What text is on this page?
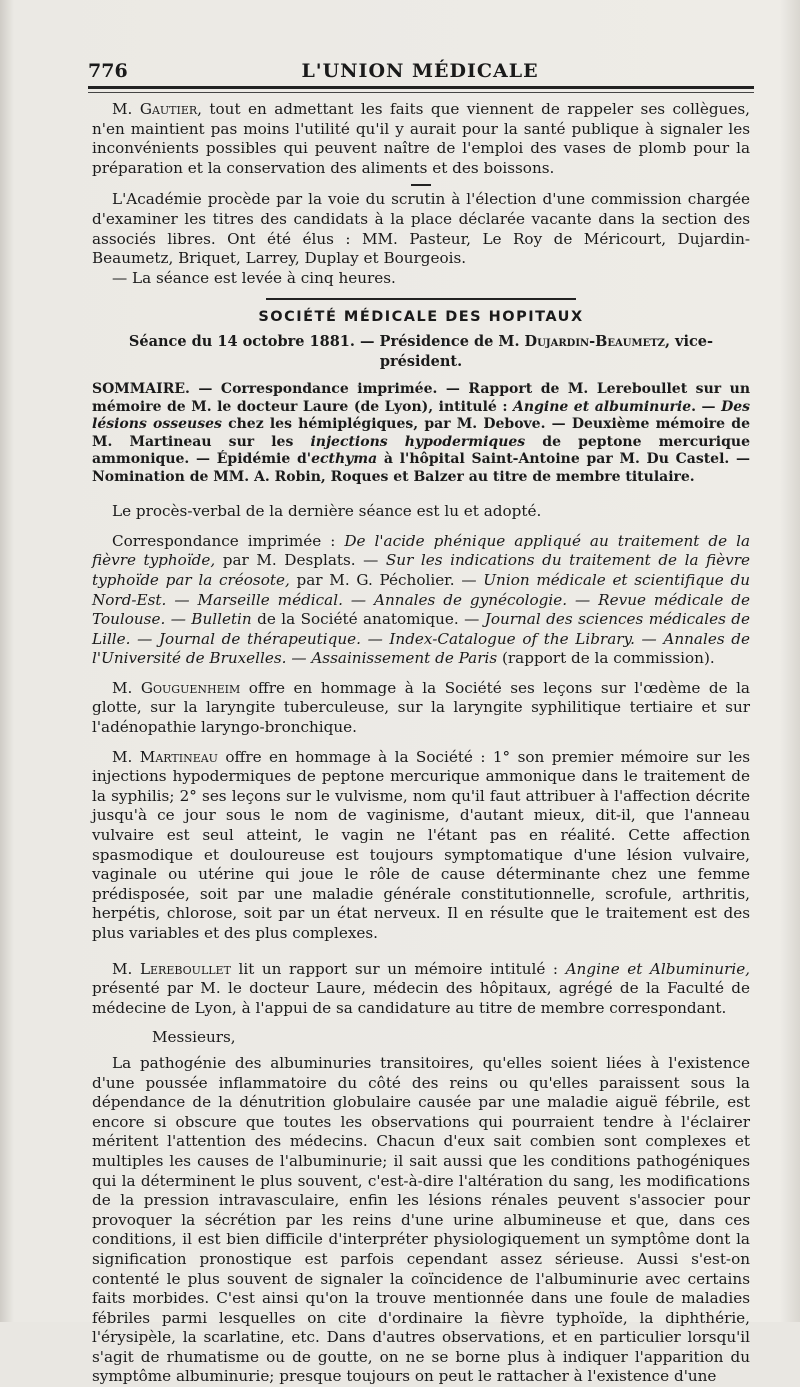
776	L'UNION MÉDICALE

M. Gautier, tout en admettant les faits que viennent de rappeler ses collègues, n'en maintient pas moins l'utilité qu'il y aurait pour la santé publique à signaler les inconvénients possibles qui peuvent naître de l'emploi des vases de plomb pour la préparation et la conservation des aliments et des boissons.

L'Académie procède par la voie du scrutin à l'élection d'une commission chargée d'examiner les titres des candidats à la place déclarée vacante dans la section des associés libres. Ont été élus : MM. Pasteur, Le Roy de Méricourt, Dujardin-Beaumetz, Briquet, Larrey, Duplay et Bourgeois.

— La séance est levée à cinq heures.

SOCIÉTÉ MÉDICALE DES HOPITAUX
Séance du 14 octobre 1881. — Présidence de M. Dujardin-Beaumetz, vice-président.

SOMMAIRE. — Correspondance imprimée. — Rapport de M. Lereboullet sur un mémoire de M. le docteur Laure (de Lyon), intitulé : Angine et albuminurie. — Des lésions osseuses chez les hémiplégiques, par M. Debove. — Deuxième mémoire de M. Martineau sur les injections hypodermiques de peptone mercurique ammonique. — Épidémie d'ecthyma à l'hôpital Saint-Antoine par M. Du Castel. — Nomination de MM. A. Robin, Roques et Balzer au titre de membre titulaire.

Le procès-verbal de la dernière séance est lu et adopté.

Correspondance imprimée : De l'acide phénique appliqué au traitement de la fièvre typhoïde, par M. Desplats. — Sur les indications du traitement de la fièvre typhoïde par la créosote, par M. G. Pécholier. — Union médicale et scientifique du Nord-Est. — Marseille médical. — Annales de gynécologie. — Revue médicale de Toulouse. — Bulletin de la Société anatomique. — Journal des sciences médicales de Lille. — Journal de thérapeutique. — Index-Catalogue of the Library. — Annales de l'Université de Bruxelles. — Assainissement de Paris (rapport de la commission).

M. Gouguenheim offre en hommage à la Société ses leçons sur l'œdème de la glotte, sur la laryngite tuberculeuse, sur la laryngite syphilitique tertiaire et sur l'adénopathie laryngo-bronchique.

M. Martineau offre en hommage à la Société : 1° son premier mémoire sur les injections hypodermiques de peptone mercurique ammonique dans le traitement de la syphilis; 2° ses leçons sur le vulvisme, nom qu'il faut attribuer à l'affection décrite jusqu'à ce jour sous le nom de vaginisme, d'autant mieux, dit-il, que l'anneau vulvaire est seul atteint, le vagin ne l'étant pas en réalité. Cette affection spasmodique et douloureuse est toujours symptomatique d'une lésion vulvaire, vaginale ou utérine qui joue le rôle de cause déterminante chez une femme prédisposée, soit par une maladie générale constitutionnelle, scrofule, arthritis, herpétis, chlorose, soit par un état nerveux. Il en résulte que le traitement est des plus variables et des plus complexes.

M. Lereboullet lit un rapport sur un mémoire intitulé : Angine et Albuminurie, présenté par M. le docteur Laure, médecin des hôpitaux, agrégé de la Faculté de médecine de Lyon, à l'appui de sa candidature au titre de membre correspondant.

Messieurs,

La pathogénie des albuminuries transitoires, qu'elles soient liées à l'existence d'une poussée inflammatoire du côté des reins ou qu'elles paraissent sous la dépendance de la dénutrition globulaire causée par une maladie aiguë fébrile, est encore si obscure que toutes les observations qui pourraient tendre à l'éclairer méritent l'attention des médecins. Chacun d'eux sait combien sont complexes et multiples les causes de l'albuminurie; il sait aussi que les conditions pathogéniques qui la déterminent le plus souvent, c'est-à-dire l'altération du sang, les modifications de la pression intravasculaire, enfin les lésions rénales peuvent s'associer pour provoquer la sécrétion par les reins d'une urine albumineuse et que, dans ces conditions, il est bien difficile d'interpréter physiologiquement un symptôme dont la signification pronostique est parfois cependant assez sérieuse. Aussi s'est-on contenté le plus souvent de signaler la coïncidence de l'albuminurie avec certains faits morbides. C'est ainsi qu'on la trouve mentionnée dans une foule de maladies fébriles parmi lesquelles on cite d'ordinaire la fièvre typhoïde, la diphthérie, l'érysipèle, la scarlatine, etc. Dans d'autres observations, et en particulier lorsqu'il s'agit de rhumatisme ou de goutte, on ne se borne plus à indiquer l'apparition du symptôme albuminurie; presque toujours on peut le rattacher à l'existence d'une
